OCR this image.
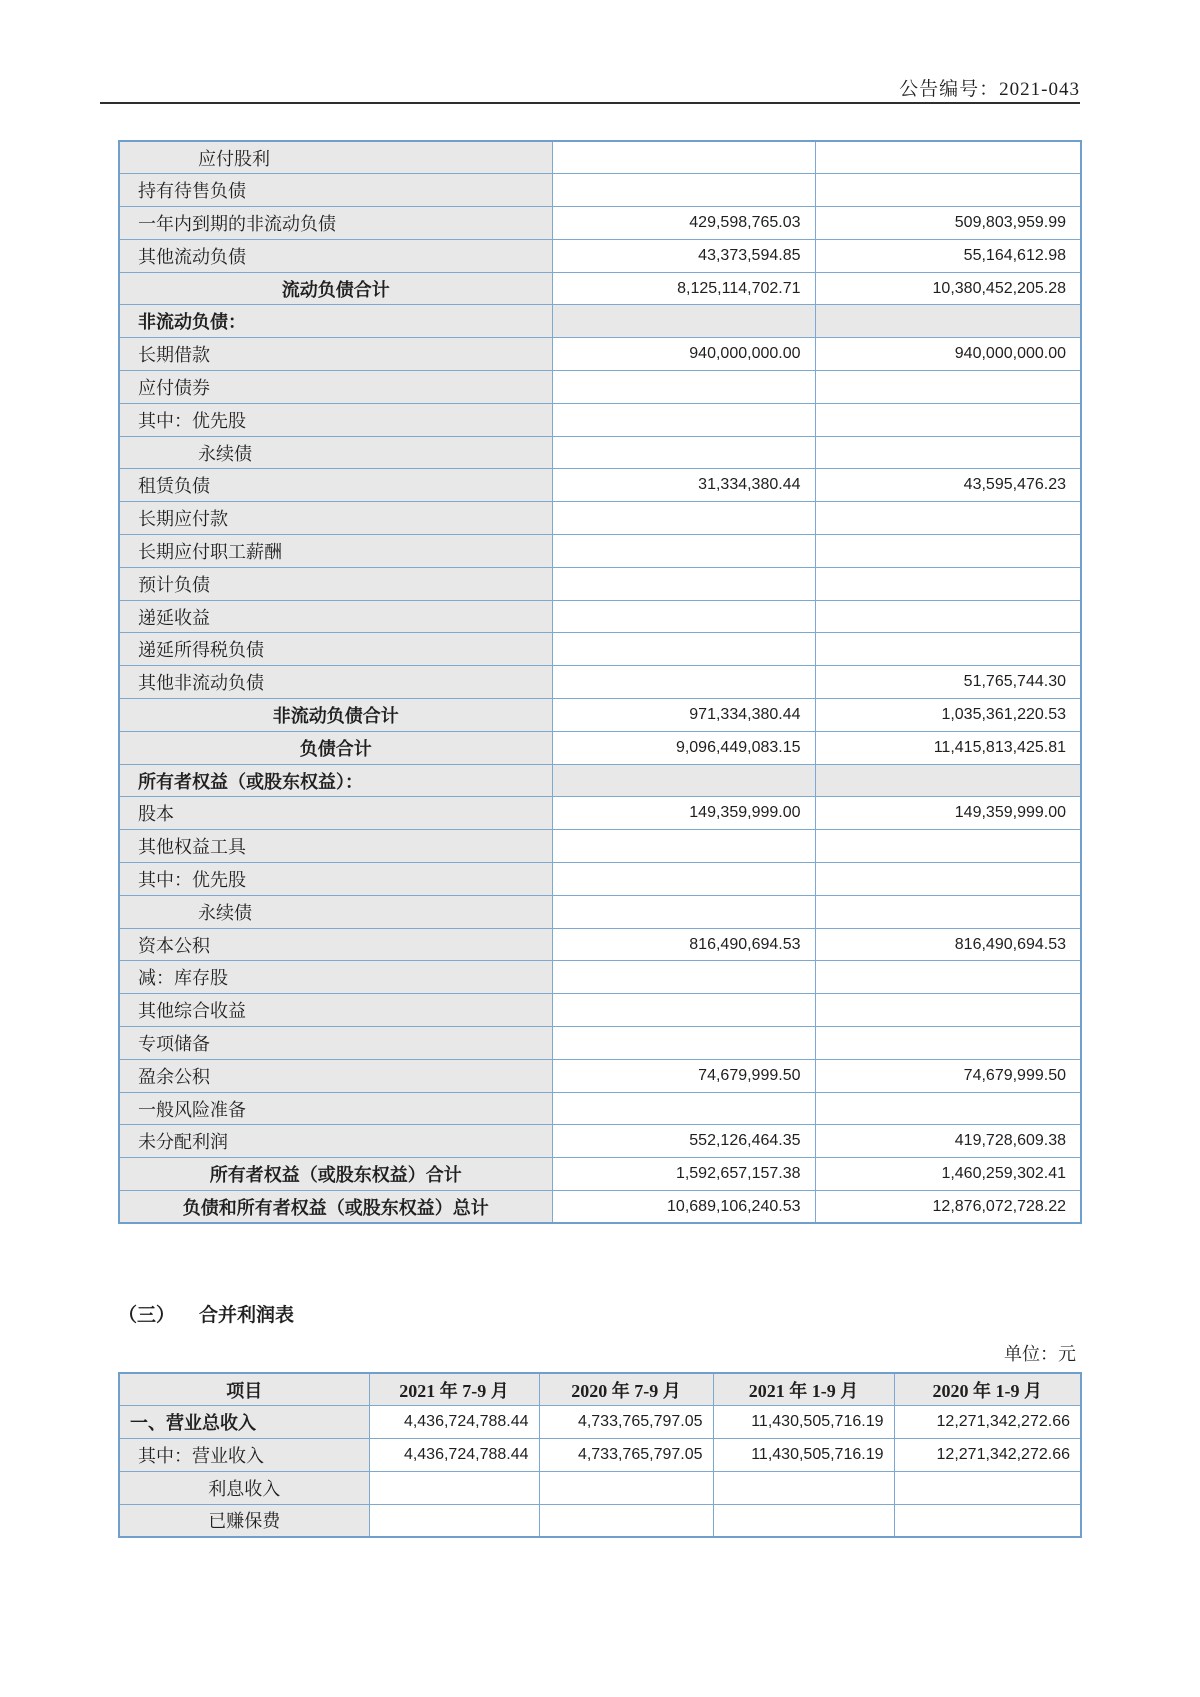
公告编号：2021-043
应付股利		
持有待售负债		
一年内到期的非流动负债	429,598,765.03	509,803,959.99
其他流动负债	43,373,594.85	55,164,612.98
流动负债合计	8,125,114,702.71	10,380,452,205.28
非流动负债：		
长期借款	940,000,000.00	940,000,000.00
应付债券		
其中：优先股		
永续债		
租赁负债	31,334,380.44	43,595,476.23
长期应付款		
长期应付职工薪酬		
预计负债		
递延收益		
递延所得税负债		
其他非流动负债		51,765,744.30
非流动负债合计	971,334,380.44	1,035,361,220.53
负债合计	9,096,449,083.15	11,415,813,425.81
所有者权益（或股东权益）：		
股本	149,359,999.00	149,359,999.00
其他权益工具		
其中：优先股		
永续债		
资本公积	816,490,694.53	816,490,694.53
减：库存股		
其他综合收益		
专项储备		
盈余公积	74,679,999.50	74,679,999.50
一般风险准备		
未分配利润	552,126,464.35	419,728,609.38
所有者权益（或股东权益）合计	1,592,657,157.38	1,460,259,302.41
负债和所有者权益（或股东权益）总计	10,689,106,240.53	12,876,072,728.22
（三） 合并利润表
单位：元
项目	2021 年 7-9 月	2020 年 7-9 月	2021 年 1-9 月	2020 年 1-9 月
一、营业总收入	4,436,724,788.44	4,733,765,797.05	11,430,505,716.19	12,271,342,272.66
其中：营业收入	4,436,724,788.44	4,733,765,797.05	11,430,505,716.19	12,271,342,272.66
利息收入				
已赚保费				
